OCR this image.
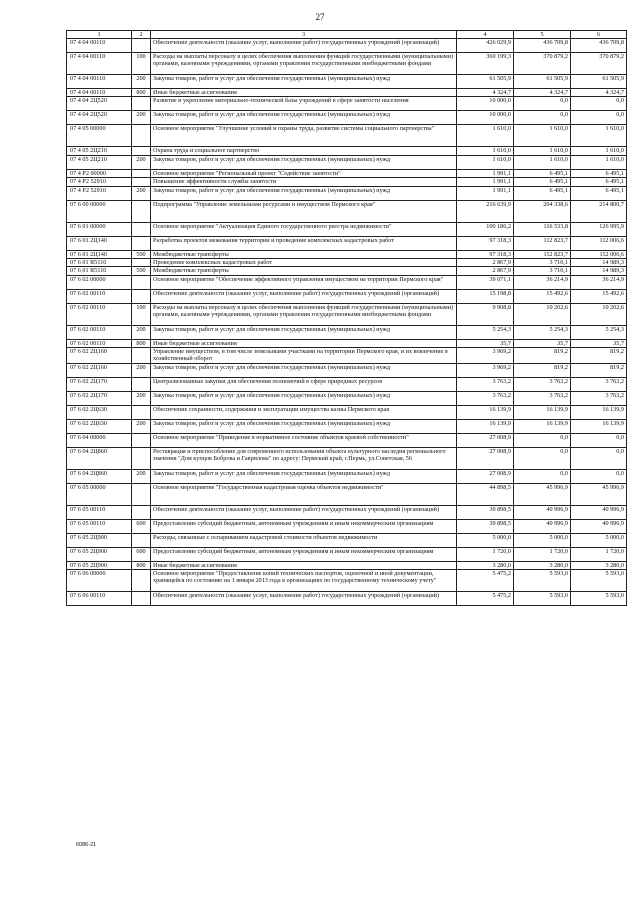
27
1	2	3	4	5	6
07 4 04 00110		Обеспечение деятельности (оказание услуг, выполнение работ) государственных учреждений (организаций)	426 029,9	436 709,8	436 709,8
07 4 04 00110	100	Расходы на выплаты персоналу в целях обеспечения выполнения функций государственными (муниципальными) органами, казенными учреждениями, органами управления государственными внебюджетными фондами	360 199,3	370 879,2	370 879,2
07 4 04 00110	200	Закупка товаров, работ и услуг для обеспечения государственных (муниципальных) нужд	61 505,9	61 505,9	61 505,9
07 4 04 00110	800	Иные бюджетные ассигнования	4 324,7	4 324,7	4 324,7
07 4 04 2Ц520		Развитие и укрепление материально-технической базы учреждений в сфере занятости населения	10 000,0	0,0	0,0
07 4 04 2Ц520	200	Закупка товаров, работ и услуг для обеспечения государственных (муниципальных) нужд	10 000,0	0,0	0,0
07 4 05 00000		Основное мероприятие "Улучшение условий и охраны труда, развитие системы социального партнерства"	1 610,0	1 610,0	1 610,0
07 4 05 2Ц210		Охрана труда и социальное партнерство	1 610,0	1 610,0	1 610,0
07 4 05 2Ц210	200	Закупка товаров, работ и услуг для обеспечения государственных (муниципальных) нужд	1 610,0	1 610,0	1 610,0
07 4 P2 00000		Основное мероприятие "Региональный проект "Содействие занятости"	1 991,1	6 495,1	6 495,1
07 4 P2 52910		Повышение эффективности службы занятости	1 991,1	6 495,1	6 495,1
07 4 P2 52910	200	Закупка товаров, работ и услуг для обеспечения государственных (муниципальных) нужд	1 991,1	6 495,1	6 495,1
07 6 00 00000		Подпрограмма "Управление земельными ресурсами и имуществом Пермского края"	216 639,9	204 338,6	214 800,7
07 6 01 00000		Основное мероприятие "Актуализация Единого государственного реестра недвижимости"	100 186,2	116 533,8	126 995,9
07 6 01 2Ц140		Разработка проектов межевания территории и проведение комплексных кадастровых работ	97 318,3	112 823,7	112 006,6
07 6 01 2Ц140	500	Межбюджетные трансферты	97 318,3	112 823,7	112 006,6
07 6 01 R5110		Проведение комплексных кадастровых работ	2 867,9	3 710,1	14 989,3
07 6 01 R5110	500	Межбюджетные трансферты	2 867,9	3 710,1	14 989,3
07 6 02 00000		Основное мероприятие "Обеспечение эффективного управления имуществом на территории Пермского края"	39 071,1	36 214,9	36 214,9
07 6 02 00110		Обеспечение деятельности (оказание услуг, выполнение работ) государственных учреждений (организаций)	15 198,8	15 492,6	15 492,6
07 6 02 00110	100	Расходы на выплаты персоналу в целях обеспечения выполнения функций государственными (муниципальными) органами, казенными учреждениями, органами управления государственными внебюджетными фондами	9 908,8	10 202,6	10 202,6
07 6 02 00110	200	Закупка товаров, работ и услуг для обеспечения государственных (муниципальных) нужд	5 254,3	5 254,3	5 254,3
07 6 02 00110	800	Иные бюджетные ассигнования	35,7	35,7	35,7
07 6 02 2Ц160		Управление имуществом, в том числе земельными участками на территории Пермского края, и их вовлечение в хозяйственный оборот	3 969,2	819,2	819,2
07 6 02 2Ц160	200	Закупка товаров, работ и услуг для обеспечения государственных (муниципальных) нужд	3 969,2	819,2	819,2
07 6 02 2Ц170		Централизованные закупки для обеспечения полномочий в сфере природных ресурсов	3 763,2	3 763,2	3 763,2
07 6 02 2Ц170	200	Закупка товаров, работ и услуг для обеспечения государственных (муниципальных) нужд	3 763,2	3 763,2	3 763,2
07 6 02 2Ц630		Обеспечение сохранности, содержания и эксплуатации имущества казны Пермского края	16 139,9	16 139,9	16 139,9
07 6 02 2Ц630	200	Закупка товаров, работ и услуг для обеспечения государственных (муниципальных) нужд	16 139,9	16 139,9	16 139,9
07 6 04 00000		Основное мероприятие "Приведение в нормативное состояние объектов краевой собственности"	27 008,9	0,0	0,0
07 6 04 2Ц860		Реставрация и приспособление для современного использования объекта культурного наследия регионального значения "Дом купцов Боброва и Гаврилова" по адресу: Пермский край, г.Пермь, ул.Советская, 56	27 008,9	0,0	0,0
07 6 04 2Ц860	200	Закупка товаров, работ и услуг для обеспечения государственных (муниципальных) нужд	27 008,9	0,0	0,0
07 6 05 00000		Основное мероприятие "Государственная кадастровая оценка объектов недвижимости"	44 898,5	45 996,9	45 996,9
07 6 05 00110		Обеспечение деятельности (оказание услуг, выполнение работ) государственных учреждений (организаций)	39 898,5	40 996,9	40 996,9
07 6 05 00110	600	Предоставление субсидий бюджетным, автономным учреждениям и иным некоммерческим организациям	39 898,5	40 996,9	40 996,9
07 6 05 2Ц900		Расходы, связанные с оспариванием кадастровой стоимости объектов недвижимости	5 000,0	5 000,0	5 000,0
07 6 05 2Ц900	600	Предоставление субсидий бюджетным, автономным учреждениям и иным некоммерческим организациям	1 720,0	1 720,0	1 720,0
07 6 05 2Ц900	800	Иные бюджетные ассигнования	3 280,0	3 280,0	3 280,0
07 6 06 00000		Основное мероприятие "Предоставление копий технических паспортов, оценочной и иной документации, хранящейся по состоянию на 1 января 2013 года в организациях по государственному техническому учету"	5 475,2	5 593,0	5 593,0
07 6 06 00110		Обеспечение деятельности (оказание услуг, выполнение работ) государственных учреждений (организаций)	5 475,2	5 593,0	5 593,0
6086-21
